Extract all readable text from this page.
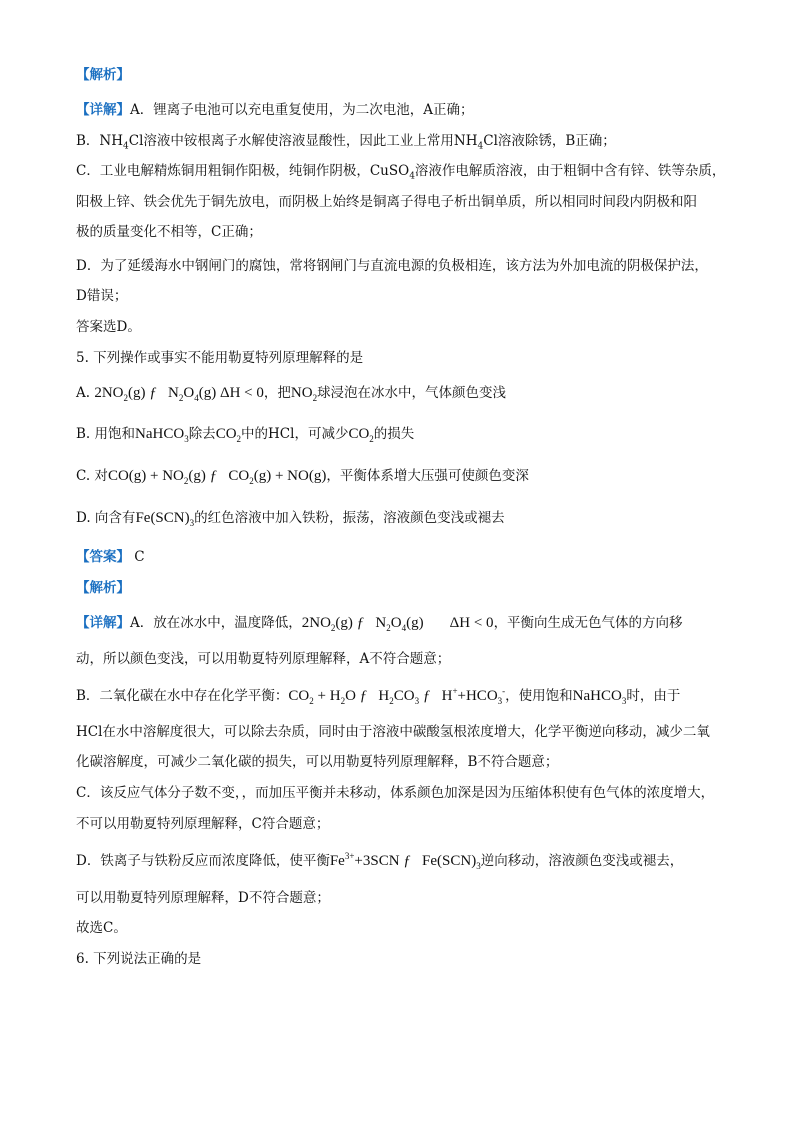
【解析】
【详解】A．锂离子电池可以充电重复使用，为二次电池，A正确；
B．$NH_4Cl$溶液中铵根离子水解使溶液显酸性，因此工业上常用$NH_4Cl$溶液除锈，B正确；
C．工业电解精炼铜用粗铜作阳极，纯铜作阴极，CuSO$_4$溶液作电解质溶液，由于粗铜中含有锌、铁等杂质，
阳极上锌、铁会优先于铜先放电，而阴极上始终是铜离子得电子析出铜单质，所以相同时间段内阴极和阳
极的质量变化不相等，C正确；
D．为了延缓海水中钢闸门的腐蚀，常将钢闸门与直流电源的负极相连，该方法为外加电流的阴极保护法，
D错误；
答案选D。
5. 下列操作或事实不能用勒夏特列原理解释的是
A. $2NO_2(g)$ ƒ   $N_2O_4(g) \Delta H < 0$，把$NO_2$球浸泡在冰水中，气体颜色变浅
B. 用饱和NaHCO$_3$除去$CO_2$中的HCl，可减少$CO_2$的损失
C. 对$CO(g) + NO_2(g)$ ƒ   $CO_2(g) + NO(g)$，平衡体系增大压强可使颜色变深
D. 向含有$Fe(SCN)_3$的红色溶液中加入铁粉，振荡，溶液颜色变浅或褪去
【答案】 C
【解析】
【详解】A．放在冰水中，温度降低，$2NO_2(g)$ ƒ   $N_2O_4(g) \Delta H < 0$，平衡向生成无色气体的方向移
动，所以颜色变浅，可以用勒夏特列原理解释，A不符合题意；
B．二氧化碳在水中存在化学平衡：$CO_2 + H_2O$ ƒ   $H_2CO_3$ ƒ   $H^++HCO_3^-$，使用饱和NaHCO$_3$时，由于
HCl在水中溶解度很大，可以除去杂质，同时由于溶液中碳酸氢根浓度增大，化学平衡逆向移动，减少二氧
化碳溶解度，可减少二氧化碳的损失，可以用勒夏特列原理解释，B不符合题意；
C．该反应气体分子数不变，，而加压平衡并未移动，体系颜色加深是因为压缩体积使有色气体的浓度增大，
不可以用勒夏特列原理解释，C符合题意；
D．铁离子与铁粉反应而浓度降低，使平衡$Fe^{3+}+3SCN$ ƒ   $Fe(SCN)_3$逆向移动，溶液颜色变浅或褪去，
可以用勒夏特列原理解释，D不符合题意；
故选C。
6. 下列说法正确的是
